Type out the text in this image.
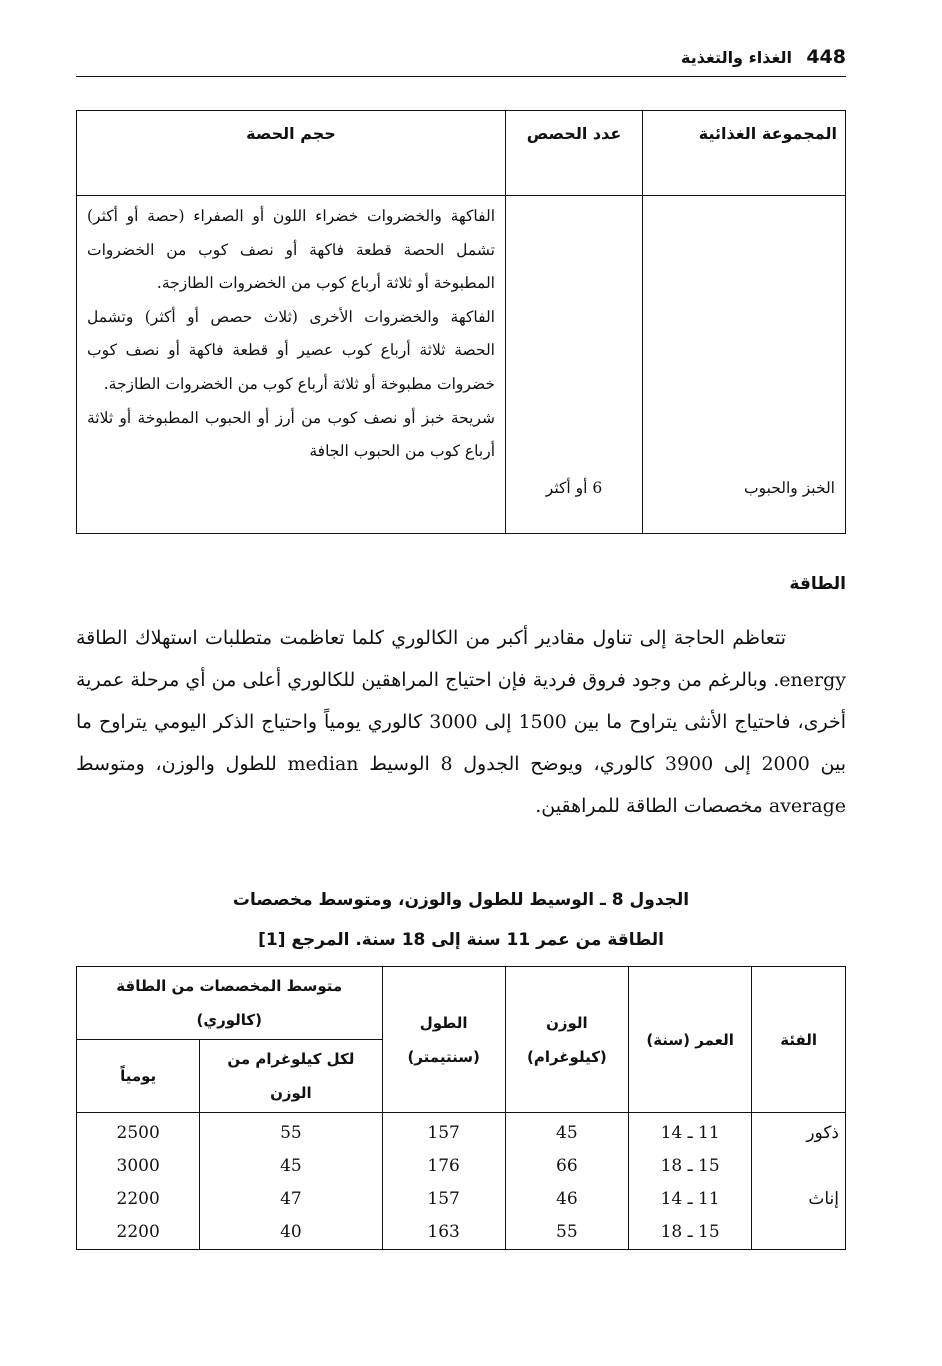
448
الغذاء والتغذية
المجموعة الغذائية	عدد الحصص	حجم الحصة

الخبز والحبوب	6 أو أكثر	الفاكهة والخضروات خضراء اللون أو الصفراء (حصة أو أكثر) تشمل الحصة قطعة فاكهة أو نصف كوب من الخضروات المطبوخة أو ثلاثة أرباع كوب من الخضروات الطازجة.
الفاكهة والخضروات الأخرى (ثلاث حصص أو أكثر) وتشمل الحصة ثلاثة أرباع كوب عصير أو قطعة فاكهة أو نصف كوب خضروات مطبوخة أو ثلاثة أرباع كوب من الخضروات الطازجة.
شريحة خبز أو نصف كوب من أرز أو الحبوب المطبوخة أو ثلاثة أرباع كوب من الحبوب الجافة
الطاقة

تتعاظم الحاجة إلى تناول مقادير أكبر من الكالوري كلما تعاظمت متطلبات استهلاك الطاقة energy. وبالرغم من وجود فروق فردية فإن احتياج المراهقين للكالوري أعلى من أي مرحلة عمرية أخرى، فاحتياج الأنثى يتراوح ما بين 1500 إلى 3000 كالوري يومياً واحتياج الذكر اليومي يتراوح ما بين 2000 إلى 3900 كالوري، ويوضح الجدول 8 الوسيط median للطول والوزن، ومتوسط average مخصصات الطاقة للمراهقين.

الجدول 8 ـ الوسيط للطول والوزن، ومتوسط مخصصات
الطاقة من عمر 11 سنة إلى 18 سنة. المرجع [1]
الفئة	العمر (سنة)	الوزن (كيلوغرام)	الطول (سنتيمتر)	متوسط المخصصات من الطاقة (كالوري)	
				لكل كيلوغرام من الوزن	يومياً
ذكور	11 ـ 14	45	157	55	2500
	15 ـ 18	66	176	45	3000
إناث	11 ـ 14	46	157	47	2200
	15 ـ 18	55	163	40	2200
